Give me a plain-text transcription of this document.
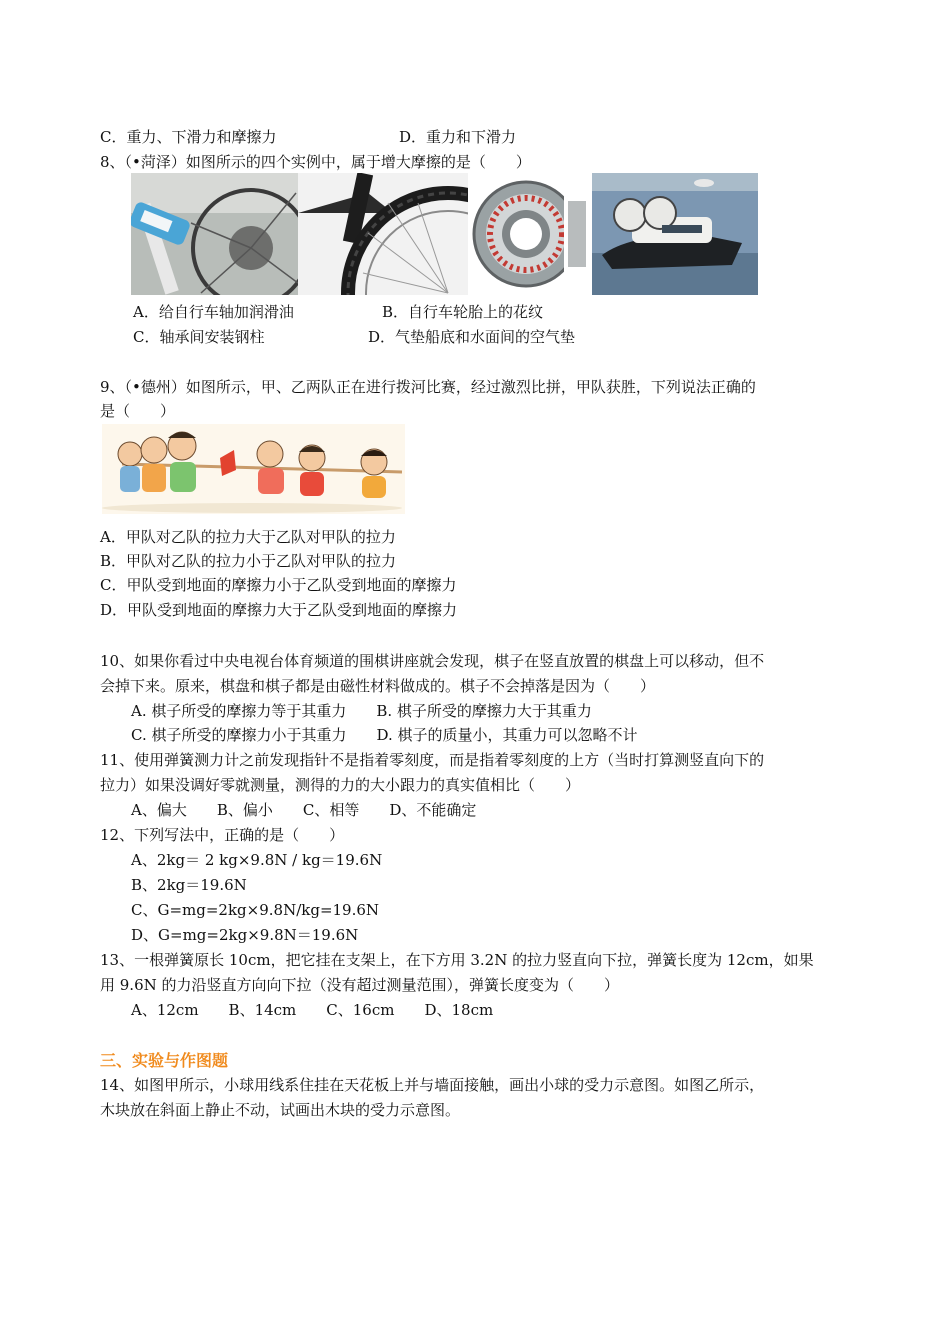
C．重力、下滑力和摩擦力	D．重力和下滑力
8、（•菏泽）如图所示的四个实例中，属于增大摩擦的是（　　）
A．给自行车轴加润滑油	B．自行车轮胎上的花纹
C．轴承间安装钢柱	D．气垫船底和水面间的空气垫
9、（•德州）如图所示，甲、乙两队正在进行拨河比赛，经过激烈比拼，甲队获胜，下列说法正确的
是（　　）
A．甲队对乙队的拉力大于乙队对甲队的拉力
B．甲队对乙队的拉力小于乙队对甲队的拉力
C．甲队受到地面的摩擦力小于乙队受到地面的摩擦力
D．甲队受到地面的摩擦力大于乙队受到地面的摩擦力
10、如果你看过中央电视台体育频道的围棋讲座就会发现，棋子在竖直放置的棋盘上可以移动，但不
会掉下来。原来，棋盘和棋子都是由磁性材料做成的。棋子不会掉落是因为（　　）
A. 棋子所受的摩擦力等于其重力　　B. 棋子所受的摩擦力大于其重力
C. 棋子所受的摩擦力小于其重力　　D. 棋子的质量小，其重力可以忽略不计
11、使用弹簧测力计之前发现指针不是指着零刻度，而是指着零刻度的上方（当时打算测竖直向下的
拉力）如果没调好零就测量，测得的力的大小跟力的真实值相比（　　）
A、偏大　　B、偏小　　C、相等　　D、不能确定
12、下列写法中，正确的是（　　）
A、2kg＝ 2 kg×9.8N / kg＝19.6N
B、2kg＝19.6N
C、G=mg=2kg×9.8N/kg=19.6N
D、G=mg=2kg×9.8N＝19.6N
13、一根弹簧原长 10cm，把它挂在支架上，在下方用 3.2N 的拉力竖直向下拉，弹簧长度为 12cm，如果
用 9.6N 的力沿竖直方向向下拉（没有超过测量范围），弹簧长度变为（　　）
A、12cm　　B、14cm　　C、16cm　　D、18cm
三、实验与作图题
14、如图甲所示，小球用线系住挂在天花板上并与墙面接触，画出小球的受力示意图。如图乙所示，
木块放在斜面上静止不动，试画出木块的受力示意图。
